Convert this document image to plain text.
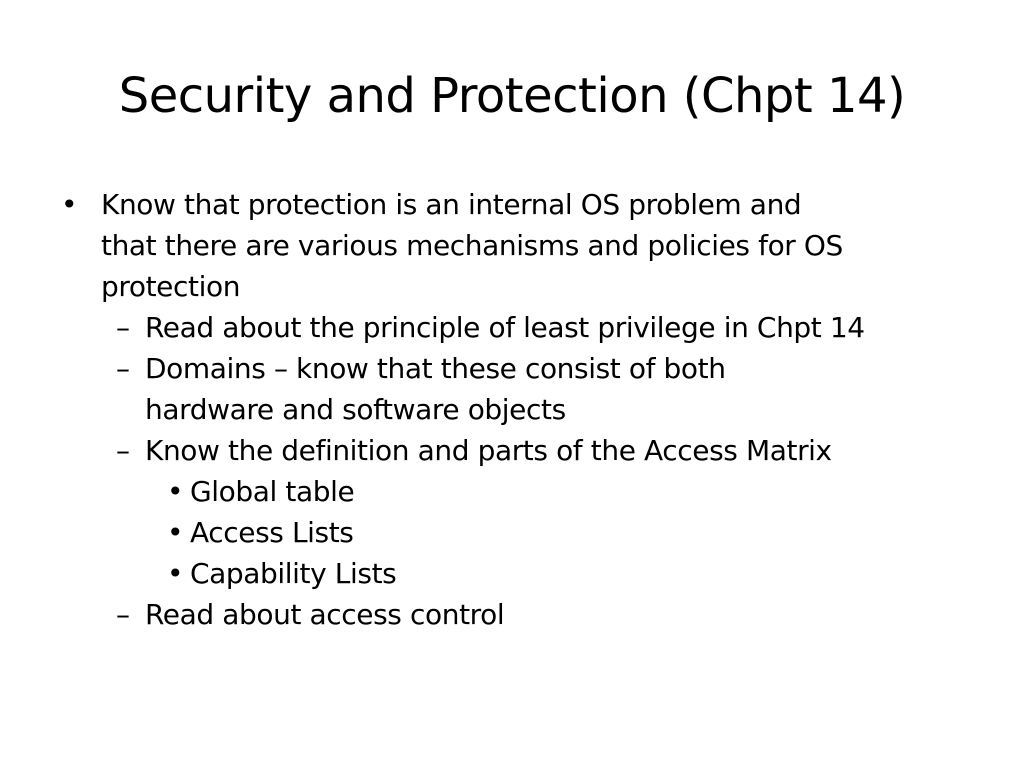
Security and Protection (Chpt 14)
• Know that protection is an internal OS problem and
that there are various mechanisms and policies for OS
protection
– Read about the principle of least privilege in Chpt 14
– Domains – know that these consist of both
hardware and software objects
– Know the definition and parts of the Access Matrix
• Global table
• Access Lists
• Capability Lists
– Read about access control
